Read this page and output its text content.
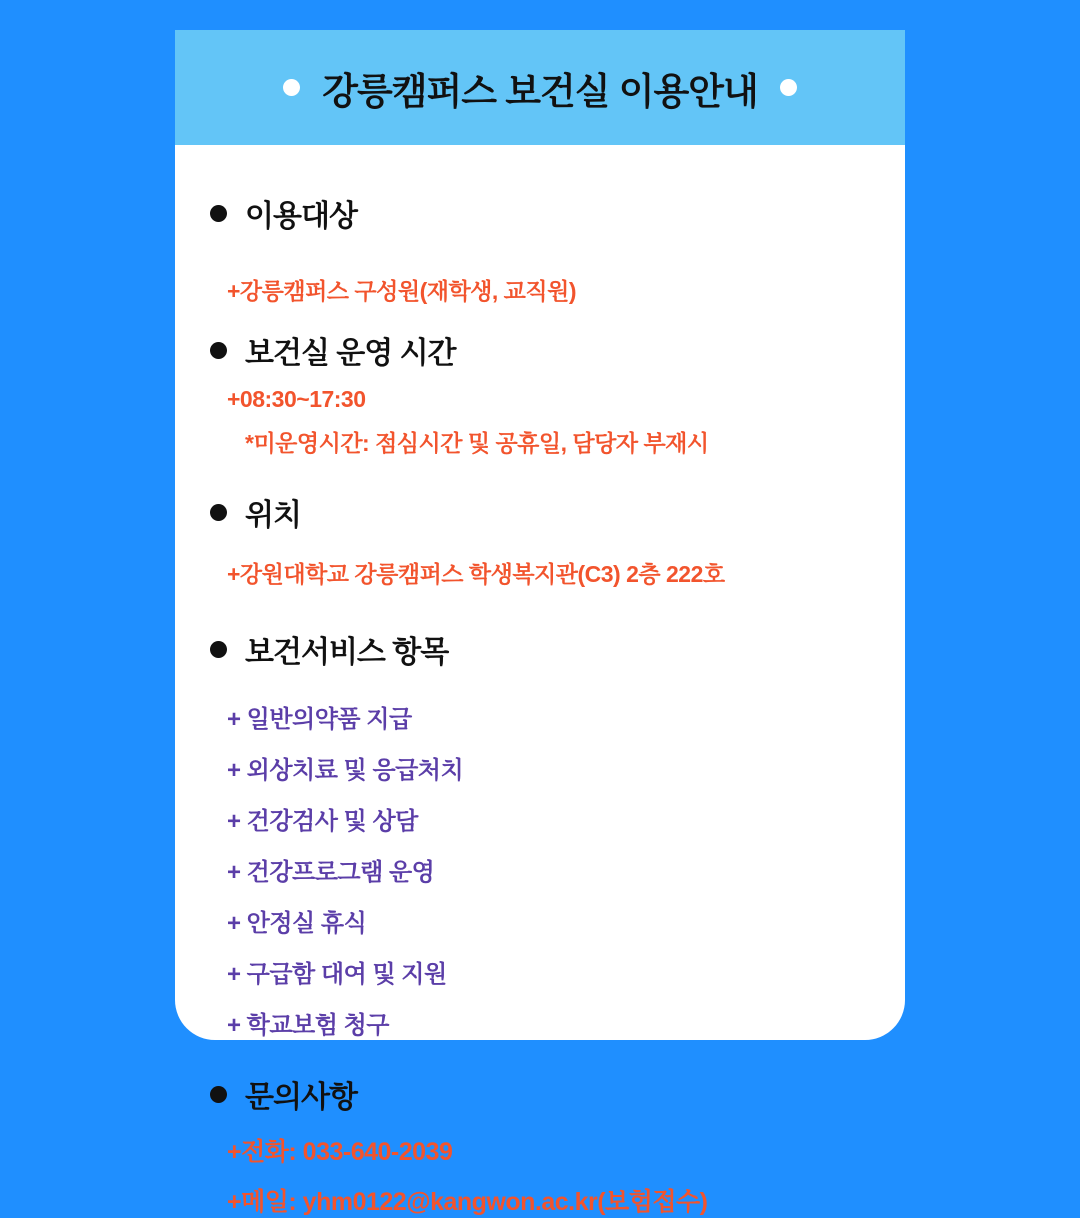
강릉캠퍼스 보건실 이용안내
이용대상
+강릉캠퍼스 구성원(재학생, 교직원)
보건실 운영 시간
+08:30~17:30
*미운영시간: 점심시간 및 공휴일, 담당자 부재시
위치
+강원대학교 강릉캠퍼스 학생복지관(C3) 2층 222호
보건서비스 항목
+ 일반의약품 지급
+ 외상치료 및 응급처치
+ 건강검사 및 상담
+ 건강프로그램 운영
+ 안정실 휴식
+ 구급함 대여 및 지원
+ 학교보험 청구
문의사항
+전화: 033-640-2039
+메일: yhm0122@kangwon.ac.kr(보험접수)
